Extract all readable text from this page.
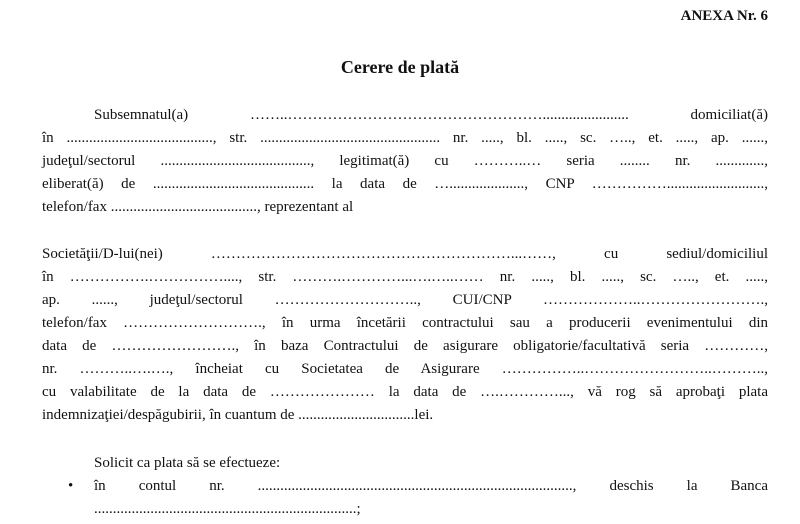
ANEXA Nr. 6
Cerere de plată
Subsemnatul(a) ……..……………………………………………....................... domiciliat(ă)
în ......................................., str. ................................................ nr. ....., bl. ....., sc. ….., et. ....., ap. ......,
judeţul/sectorul ........................................, legitimat(ă) cu ………..… seria ........ nr. .............,
eliberat(ă) de ........................................... la data de …...................., CNP ……………..........................,
telefon/fax ......................................., reprezentant al
Societăţii/D-lui(nei) ……………………………………………………...……, cu sediul/domiciliul
în …………….……………...., str. ……….…………...….…..…… nr. ....., bl. ....., sc. ….., et. .....,
ap. ......, judeţul/sectorul ……………………….., CUI/CNP ………………..…………………….,
telefon/fax ………………………., în urma încetării contractului sau a producerii evenimentului din
data de ……………………., în baza Contractului de asigurare obligatorie/facultativă seria …………,
nr. ………..….…., încheiat cu Societatea de Asigurare ……………..……………………..………..,
cu valabilitate de la data de ………………… la data de ….…………..., vă rog să aprobaţi plata
indemnizaţiei/despăgubirii, în cuantum de ...............................lei.
Solicit ca plata să se efectueze:
• în contul nr. ...................................................................................., deschis la Banca
......................................................................;
